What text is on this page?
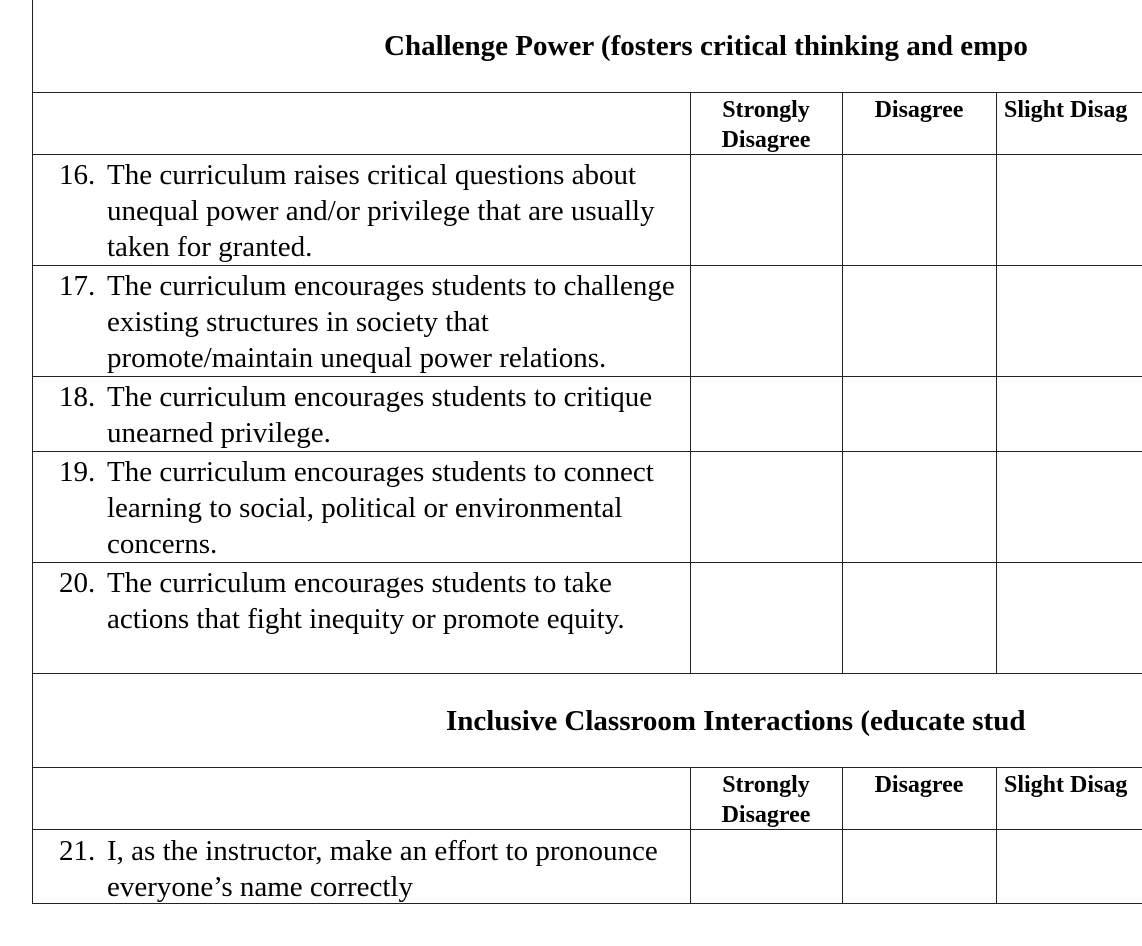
Challenge Power (fosters critical thinking and empo
Strongly Disagree
Disagree	Slight Disag
16. The curriculum raises critical questions about unequal power and/or privilege that are usually taken for granted.
17. The curriculum encourages students to challenge existing structures in society that promote/maintain unequal power relations.
18. The curriculum encourages students to critique unearned privilege.
19. The curriculum encourages students to connect learning to social, political or environmental concerns.
20. The curriculum encourages students to take actions that fight inequity or promote equity.
Inclusive Classroom Interactions (educate stud
Strongly Disagree
Disagree	Slight Disag
21. I, as the instructor, make an effort to pronounce everyone’s name correctly
